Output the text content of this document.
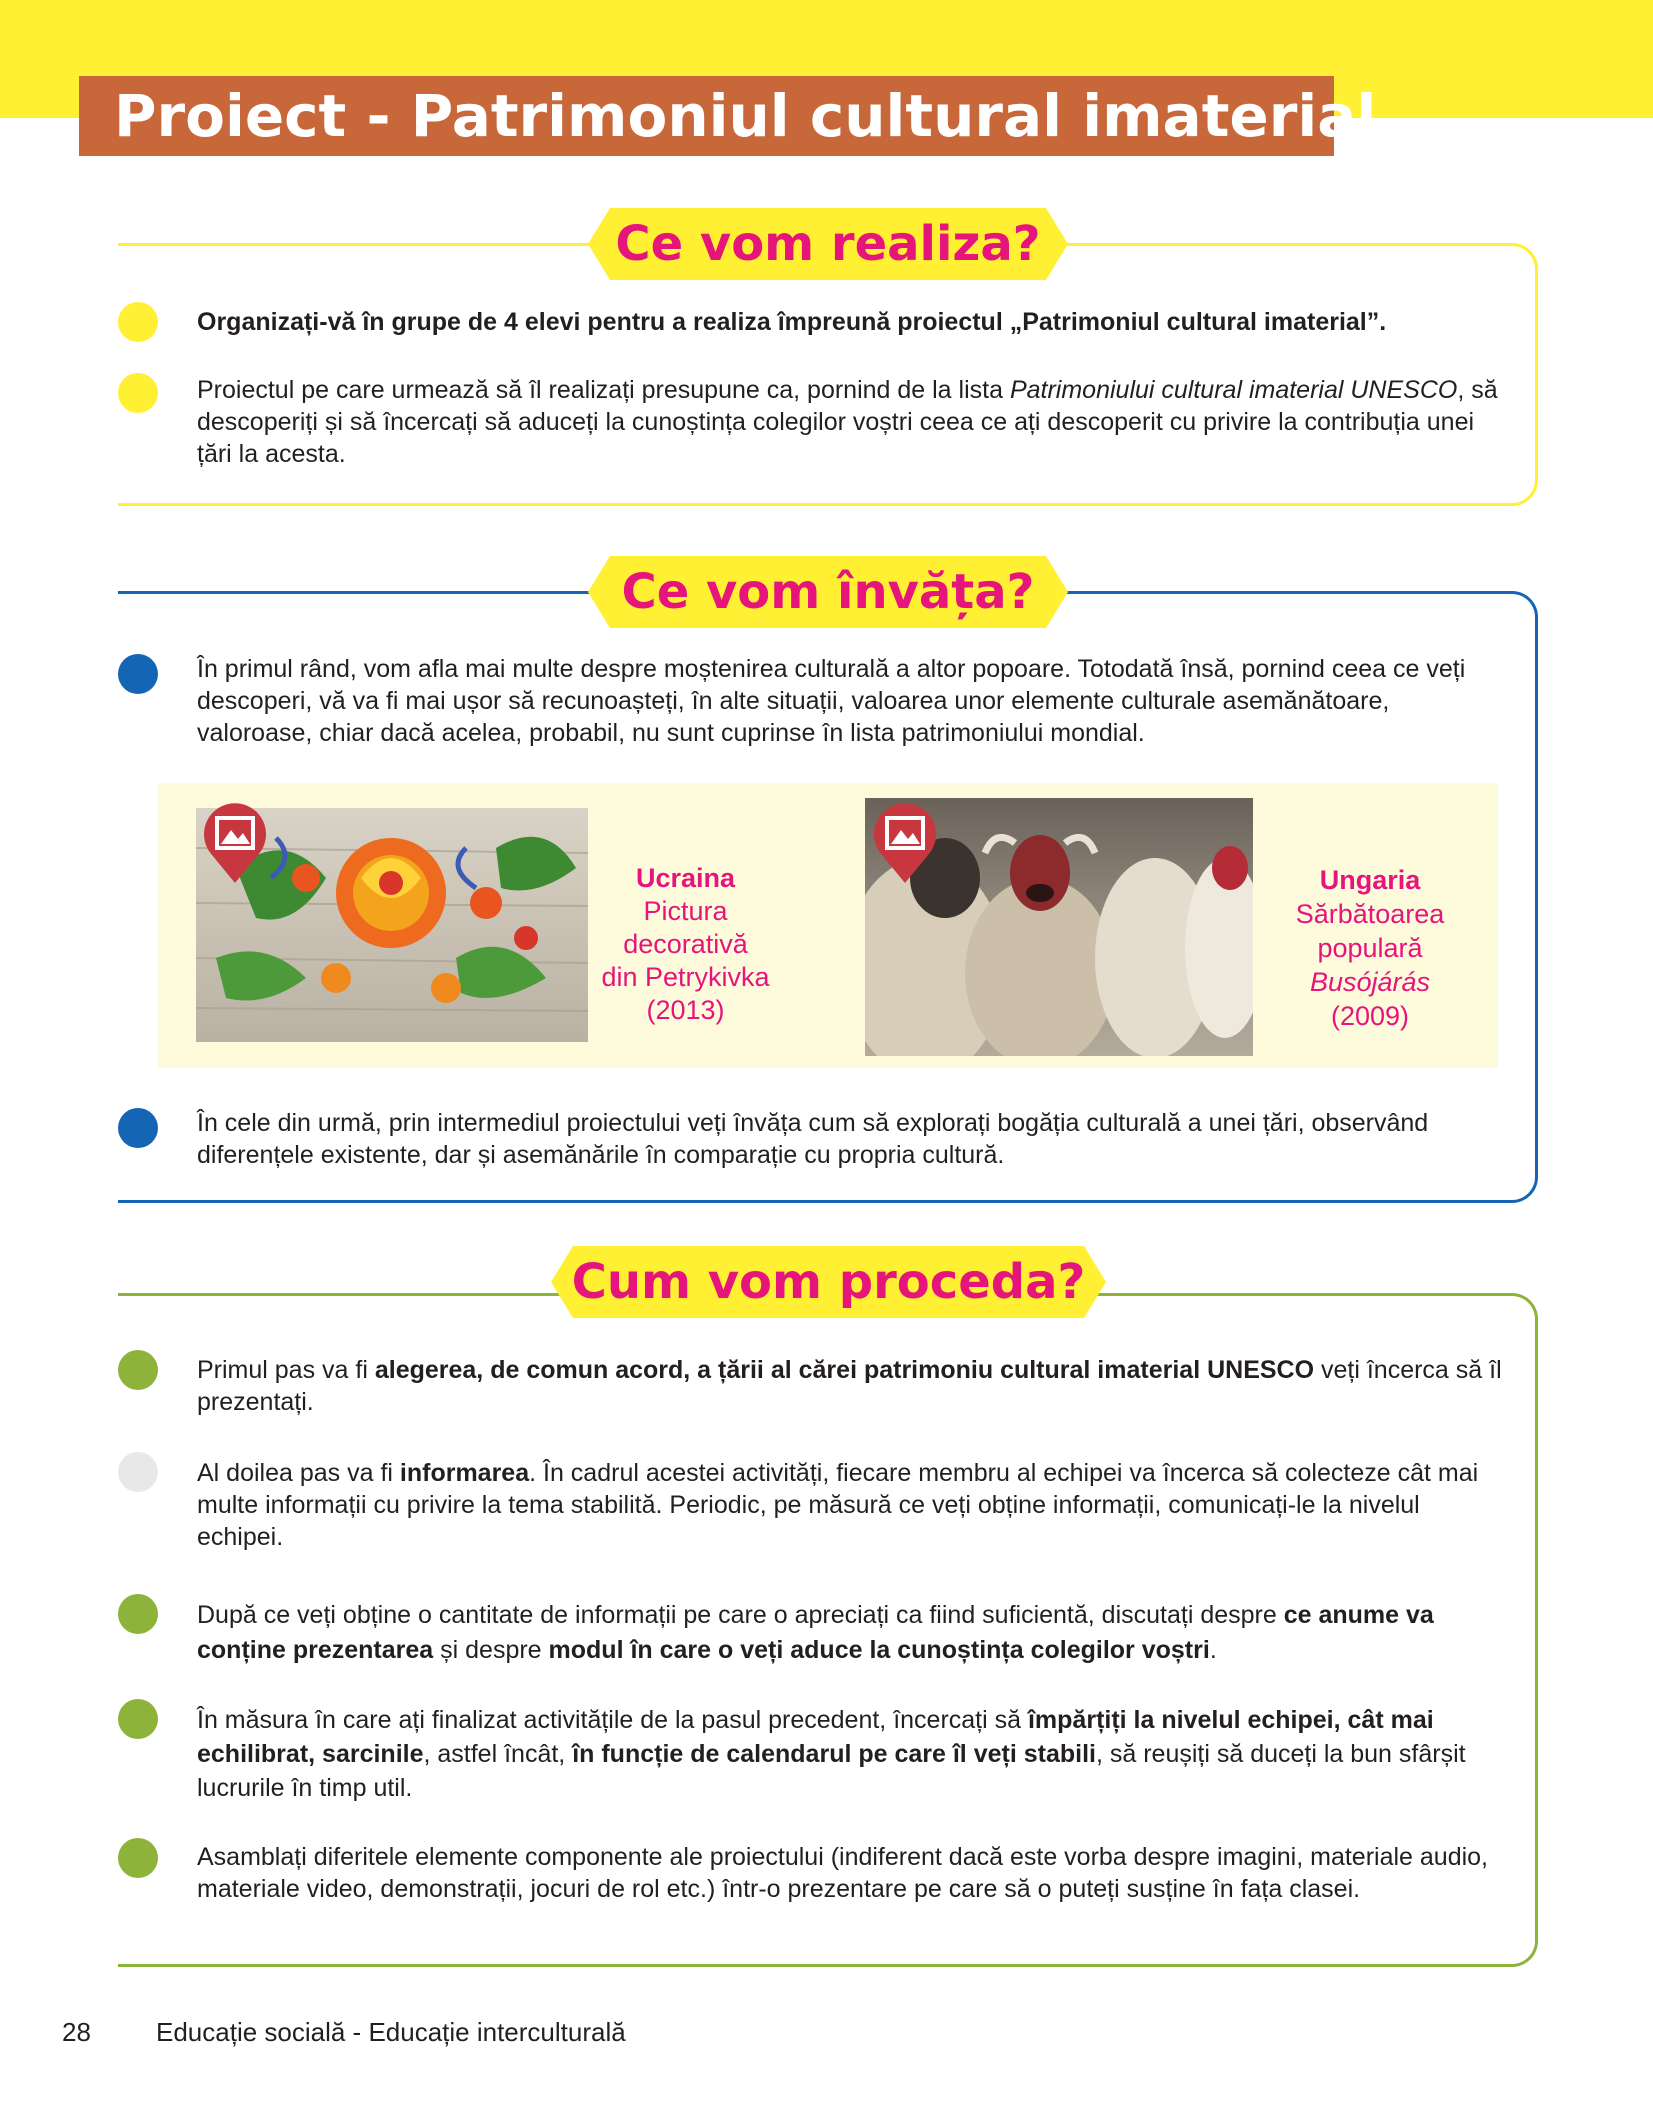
Proiect - Patrimoniul cultural imaterial
Ce vom realiza?
Organizați-vă în grupe de 4 elevi pentru a realiza împreună proiectul „Patrimoniul cultural imaterial”.
Proiectul pe care urmează să îl realizați presupune ca, pornind de la lista Patrimoniului cultural imaterial UNESCO, să descoperiți și să încercați să aduceți la cunoștința colegilor voștri ceea ce ați descoperit cu privire la contribuția unei țări la acesta.
Ce vom învăța?
În primul rând, vom afla mai multe despre moștenirea culturală a altor popoare. Totodată însă, pornind ceea ce veți descoperi, vă va fi mai ușor să recunoașteți, în alte situații, valoarea unor elemente culturale asemănătoare, valoroase, chiar dacă acelea, probabil, nu sunt cuprinse în lista patrimoniului mondial.
Ucraina
Pictura
decorativă
din Petrykivka
(2013)
Ungaria
Sărbătoarea
populară
Busójárás
(2009)
În cele din urmă, prin intermediul proiectului veți învăța cum să explorați bogăția culturală a unei țări, observând diferențele existente, dar și asemănările în comparație cu propria cultură.
Cum vom proceda?
Primul pas va fi alegerea, de comun acord, a țării al cărei patrimoniu cultural imaterial UNESCO veți încerca să îl prezentați.
Al doilea pas va fi informarea. În cadrul acestei activități, fiecare membru al echipei va încerca să colecteze cât mai multe informații cu privire la tema stabilită. Periodic, pe măsură ce veți obține informații, comunicați-le la nivelul echipei.
După ce veți obține o cantitate de informații pe care o apreciați ca fiind suficientă, discutați despre ce anume va conține prezentarea și despre modul în care o veți aduce la cunoștința colegilor voștri.
În măsura în care ați finalizat activitățile de la pasul precedent, încercați să împărțiți la nivelul echipei, cât mai echilibrat, sarcinile, astfel încât, în funcție de calendarul pe care îl veți stabili, să reușiți să duceți la bun sfârșit lucrurile în timp util.
Asamblați diferitele elemente componente ale proiectului (indiferent dacă este vorba despre imagini, materiale audio, materiale video, demonstrații, jocuri de rol etc.) într-o prezentare pe care să o puteți susține în fața clasei.
28	Educație socială - Educație interculturală
